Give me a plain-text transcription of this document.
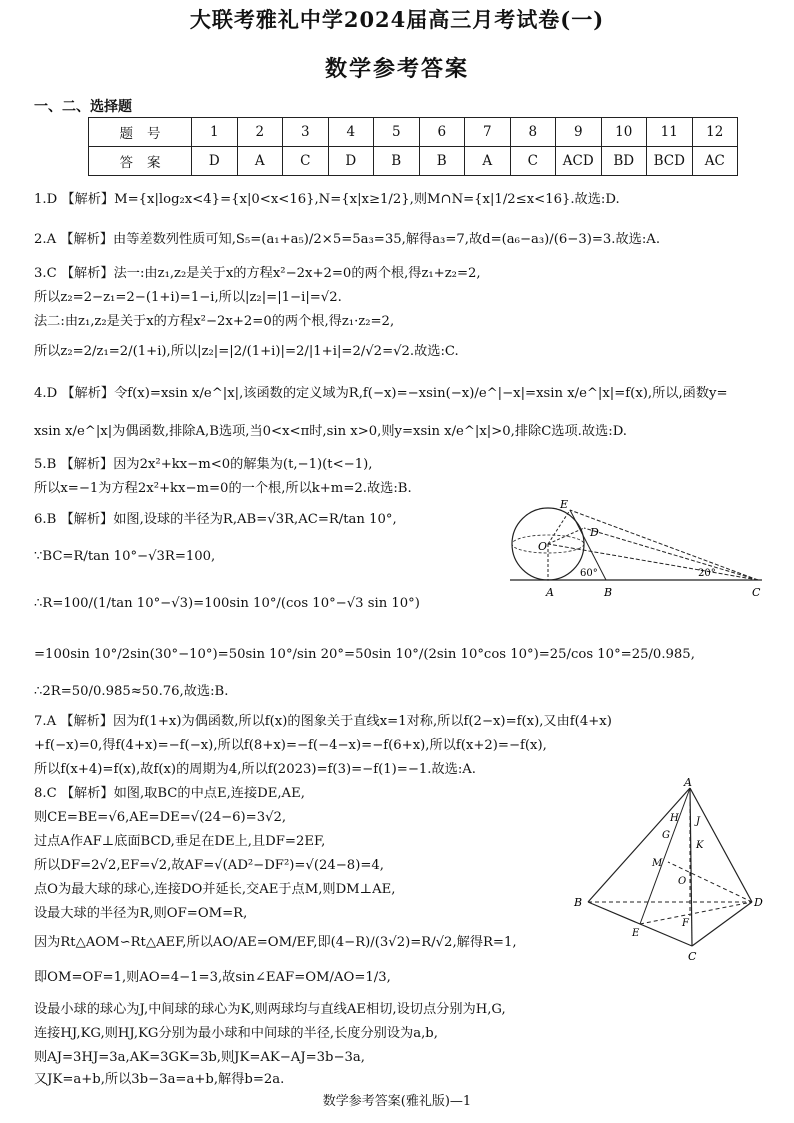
大联考雅礼中学2024届高三月考试卷(一)
数学参考答案
一、二、选择题
题号	1	2	3	4	5	6	7	8	9	10	11	12
答案	D	A	C	D	B	B	A	C	ACD	BD	BCD	AC
1.D 【解析】M={x|log₂x<4}={x|0<x<16},N={x|x≥1/2},则M∩N={x|1/2≤x<16}.故选:D.
2.A 【解析】由等差数列性质可知,S₅=(a₁+a₅)/2×5=5a₃=35,解得a₃=7,故d=(a₆−a₃)/(6−3)=3.故选:A.
3.C 【解析】法一:由z₁,z₂是关于x的方程x²−2x+2=0的两个根,得z₁+z₂=2,
所以z₂=2−z₁=2−(1+i)=1−i,所以|z₂|=|1−i|=√2.
法二:由z₁,z₂是关于x的方程x²−2x+2=0的两个根,得z₁·z₂=2,
所以z₂=2/z₁=2/(1+i),所以|z₂|=|2/(1+i)|=2/|1+i|=2/√2=√2.故选:C.
4.D 【解析】令f(x)=xsin x/e^|x|,该函数的定义域为R,f(−x)=−xsin(−x)/e^|−x|=xsin x/e^|x|=f(x),所以,函数y=
xsin x/e^|x|为偶函数,排除A,B选项,当0<x<π时,sin x>0,则y=xsin x/e^|x|>0,排除C选项.故选:D.
5.B 【解析】因为2x²+kx−m<0的解集为(t,−1)(t<−1),
所以x=−1为方程2x²+kx−m=0的一个根,所以k+m=2.故选:B.
6.B 【解析】如图,设球的半径为R,AB=√3R,AC=R/tan 10°,
∵BC=R/tan 10°−√3R=100,
∴R=100/(1/tan 10°−√3)=100sin 10°/(cos 10°−√3 sin 10°)
=100sin 10°/2sin(30°−10°)=50sin 10°/sin 20°=50sin 10°/(2sin 10°cos 10°)=25/cos 10°=25/0.985,
∴2R=50/0.985≈50.76,故选:B.
7.A 【解析】因为f(1+x)为偶函数,所以f(x)的图象关于直线x=1对称,所以f(2−x)=f(x),又由f(4+x)
+f(−x)=0,得f(4+x)=−f(−x),所以f(8+x)=−f(−4−x)=−f(6+x),所以f(x+2)=−f(x),
所以f(x+4)=f(x),故f(x)的周期为4,所以f(2023)=f(3)=−f(1)=−1.故选:A.
8.C 【解析】如图,取BC的中点E,连接DE,AE,
则CE=BE=√6,AE=DE=√(24−6)=3√2,
过点A作AF⊥底面BCD,垂足在DE上,且DF=2EF,
所以DF=2√2,EF=√2,故AF=√(AD²−DF²)=√(24−8)=4,
点O为最大球的球心,连接DO并延长,交AE于点M,则DM⊥AE,
设最大球的半径为R,则OF=OM=R,
因为Rt△AOM∽Rt△AEF,所以AO/AE=OM/EF,即(4−R)/(3√2)=R/√2,解得R=1,
即OM=OF=1,则AO=4−1=3,故sin∠EAF=OM/AO=1/3,
设最小球的球心为J,中间球的球心为K,则两球均与直线AE相切,设切点分别为H,G,
连接HJ,KG,则HJ,KG分别为最小球和中间球的半径,长度分别设为a,b,
则AJ=3HJ=3a,AK=3GK=3b,则JK=AK−AJ=3b−3a,
又JK=a+b,所以3b−3a=a+b,解得b=2a.
E
D
O
60°	20°
A	B	C
A
H J
G
K
M
O
B	D
E
F
C
数学参考答案(雅礼版)—1
